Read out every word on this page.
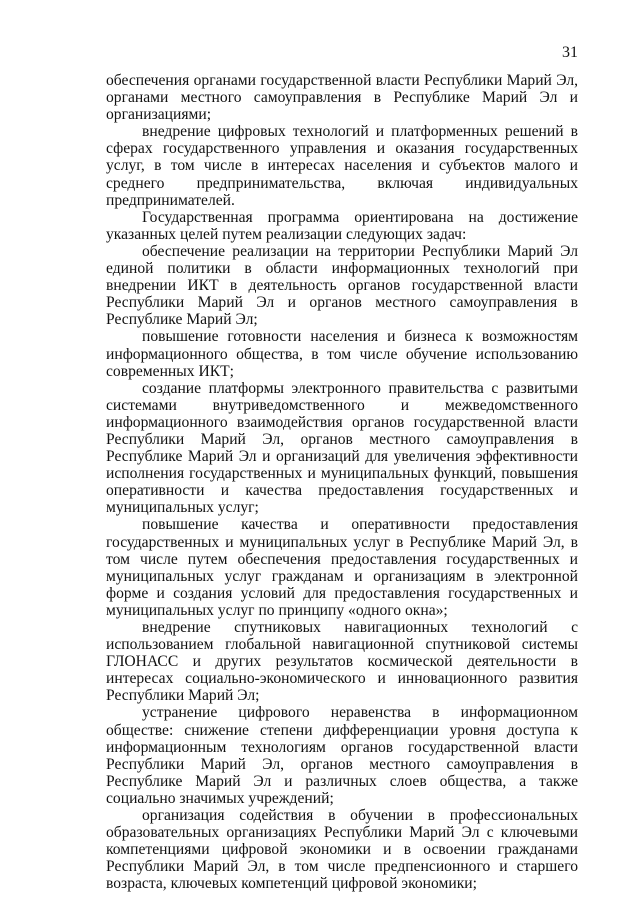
31

обеспечения органами государственной власти Республики Марий Эл, органами местного самоуправления в Республике Марий Эл и организациями;

внедрение цифровых технологий и платформенных решений в сферах государственного управления и оказания государственных услуг, в том числе в интересах населения и субъектов малого и среднего предпринимательства, включая индивидуальных предпринимателей.

Государственная программа ориентирована на достижение указанных целей путем реализации следующих задач:

обеспечение реализации на территории Республики Марий Эл единой политики в области информационных технологий при внедрении ИКТ в деятельность органов государственной власти Республики Марий Эл и органов местного самоуправления в Республике Марий Эл;

повышение готовности населения и бизнеса к возможностям информационного общества, в том числе обучение использованию современных ИКТ;

создание платформы электронного правительства с развитыми системами внутриведомственного и межведомственного информационного взаимодействия органов государственной власти Республики Марий Эл, органов местного самоуправления в Республике Марий Эл и организаций для увеличения эффективности исполнения государственных и муниципальных функций, повышения оперативности и качества предоставления государственных и муниципальных услуг;

повышение качества и оперативности предоставления государственных и муниципальных услуг в Республике Марий Эл, в том числе путем обеспечения предоставления государственных и муниципальных услуг гражданам и организациям в электронной форме и создания условий для предоставления государственных и муниципальных услуг по принципу «одного окна»;

внедрение спутниковых навигационных технологий с использованием глобальной навигационной спутниковой системы ГЛОНАСС и других результатов космической деятельности в интересах социально-экономического и инновационного развития Республики Марий Эл;

устранение цифрового неравенства в информационном обществе: снижение степени дифференциации уровня доступа к информационным технологиям органов государственной власти Республики Марий Эл, органов местного самоуправления в Республике Марий Эл и различных слоев общества, а также социально значимых учреждений;

организация содействия в обучении в профессиональных образовательных организациях Республики Марий Эл с ключевыми компетенциями цифровой экономики и в освоении гражданами Республики Марий Эл, в том числе предпенсионного и старшего возраста, ключевых компетенций цифровой экономики;
